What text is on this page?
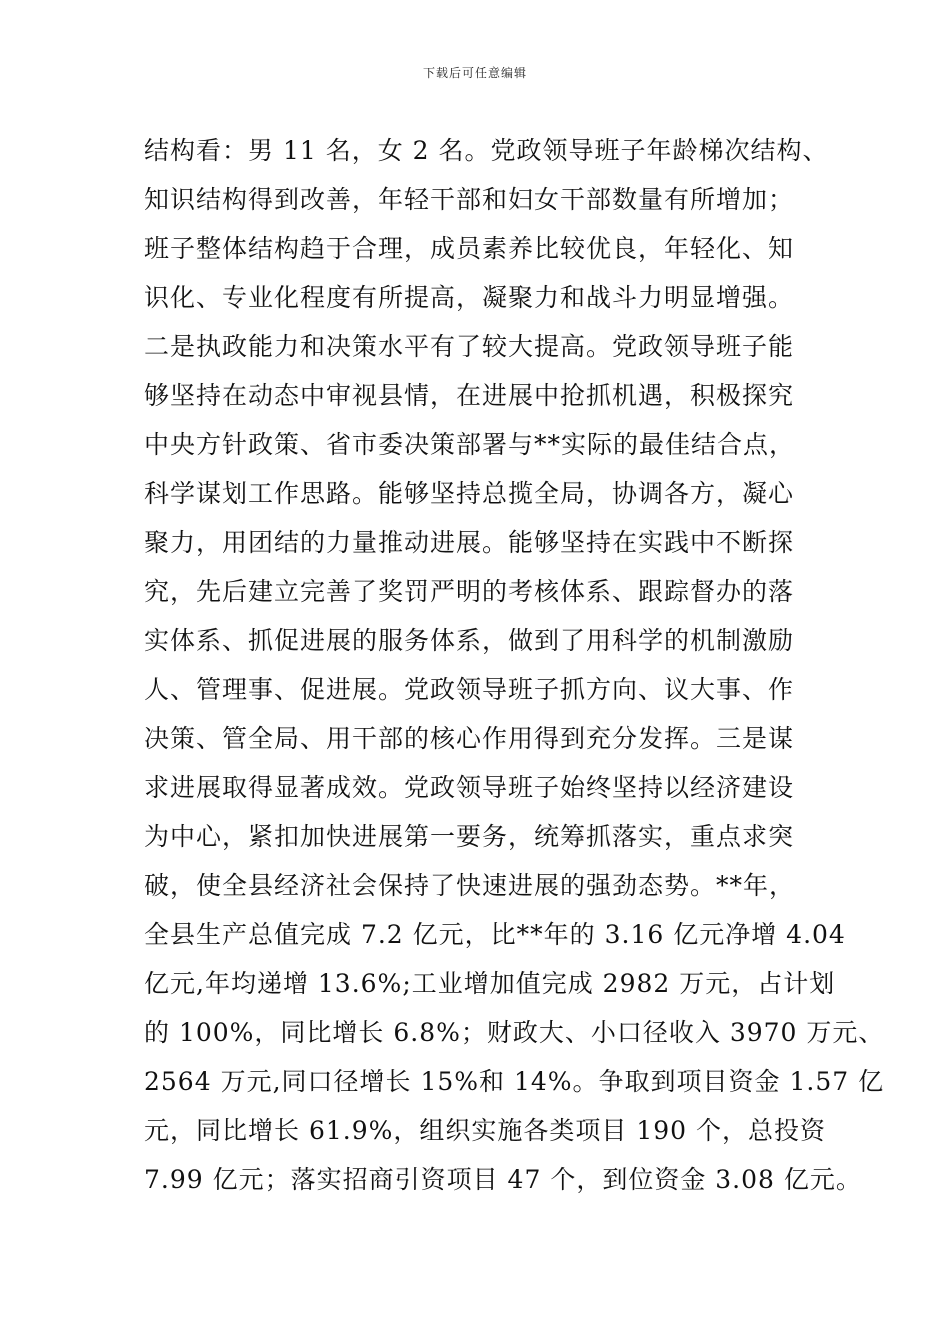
下载后可任意编辑
结构看：男 11 名，女 2 名。党政领导班子年龄梯次结构、
知识结构得到改善，年轻干部和妇女干部数量有所增加；
班子整体结构趋于合理，成员素养比较优良，年轻化、知
识化、专业化程度有所提高，凝聚力和战斗力明显增强。
二是执政能力和决策水平有了较大提高。党政领导班子能
够坚持在动态中审视县情，在进展中抢抓机遇，积极探究
中央方针政策、省市委决策部署与**实际的最佳结合点，
科学谋划工作思路。能够坚持总揽全局，协调各方，凝心
聚力，用团结的力量推动进展。能够坚持在实践中不断探
究，先后建立完善了奖罚严明的考核体系、跟踪督办的落
实体系、抓促进展的服务体系，做到了用科学的机制激励
人、管理事、促进展。党政领导班子抓方向、议大事、作
决策、管全局、用干部的核心作用得到充分发挥。三是谋
求进展取得显著成效。党政领导班子始终坚持以经济建设
为中心，紧扣加快进展第一要务，统筹抓落实，重点求突
破，使全县经济社会保持了快速进展的强劲态势。**年，
全县生产总值完成 7.2 亿元，比**年的 3.16 亿元净增 4.04
亿元,年均递增 13.6%;工业增加值完成 2982 万元，占计划
的 100%，同比增长 6.8%；财政大、小口径收入 3970 万元、
2564 万元,同口径增长 15%和 14%。争取到项目资金 1.57 亿
元，同比增长 61.9%，组织实施各类项目 190 个，总投资
7.99 亿元；落实招商引资项目 47 个，到位资金 3.08 亿元。
